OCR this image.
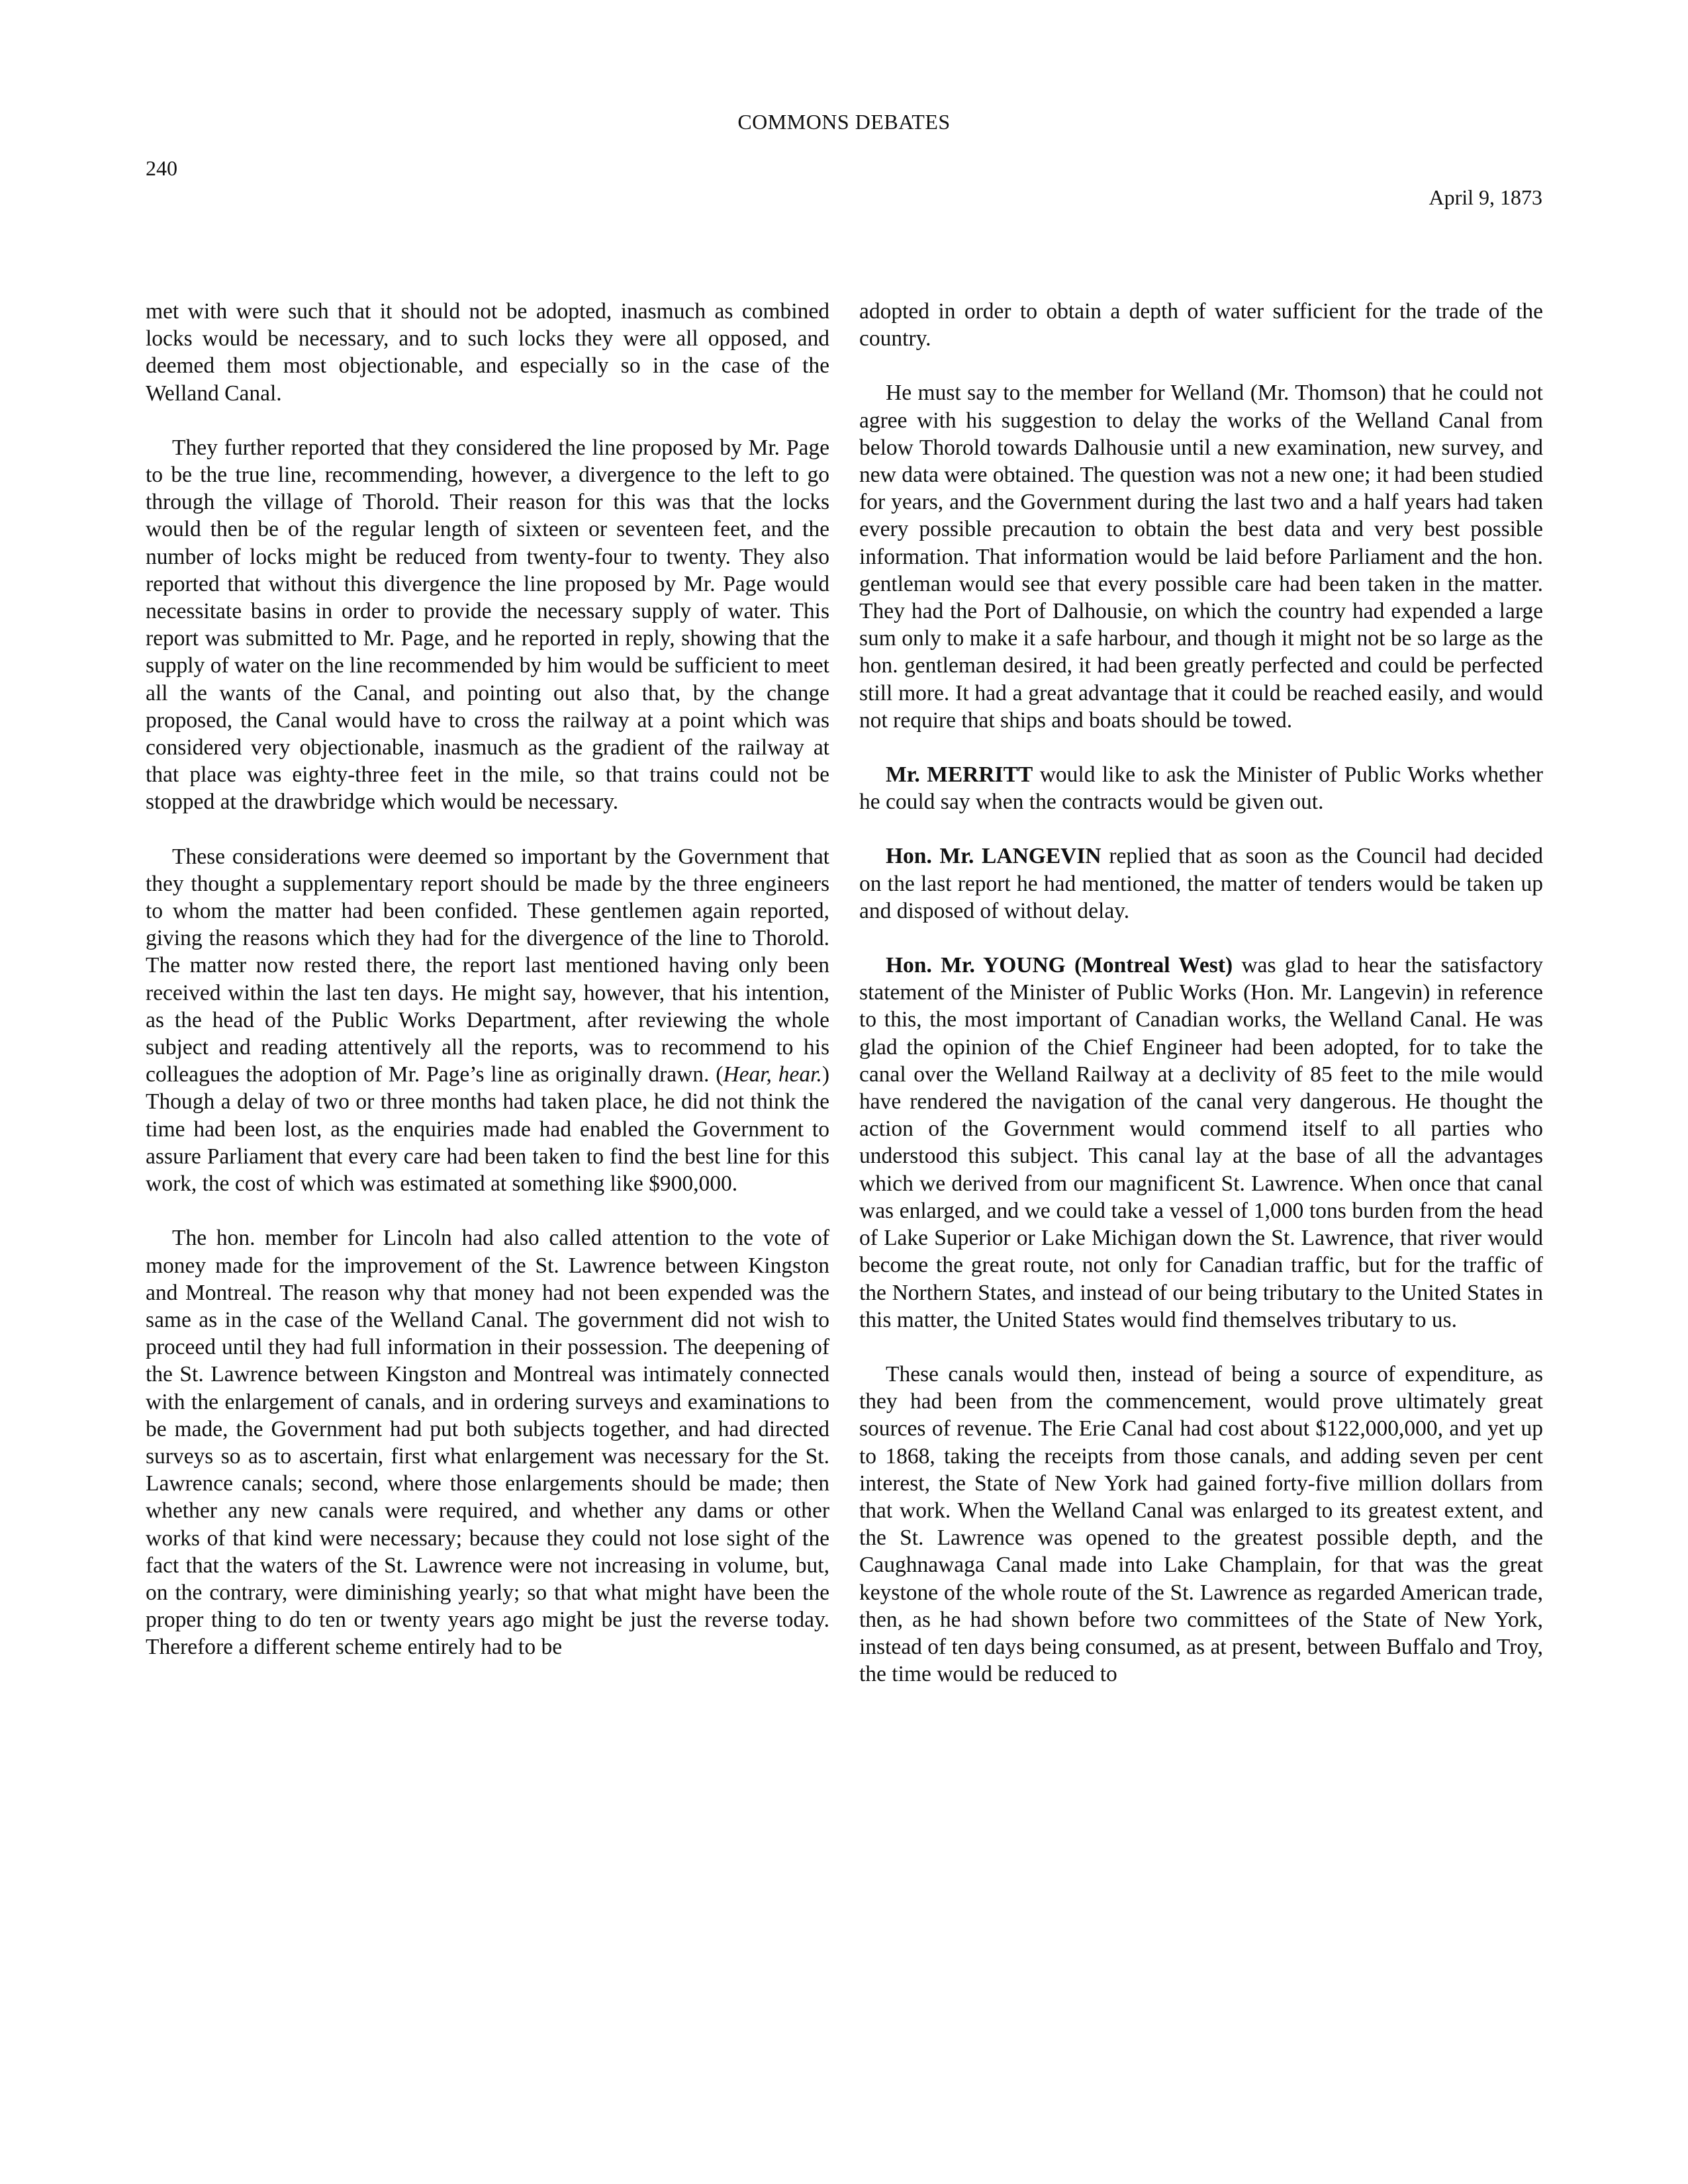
COMMONS DEBATES
240
April 9, 1873

met with were such that it should not be adopted, inasmuch as combined locks would be necessary, and to such locks they were all opposed, and deemed them most objectionable, and especially so in the case of the Welland Canal.

They further reported that they considered the line proposed by Mr. Page to be the true line, recommending, however, a divergence to the left to go through the village of Thorold. Their reason for this was that the locks would then be of the regular length of sixteen or seventeen feet, and the number of locks might be reduced from twenty-four to twenty. They also reported that without this divergence the line proposed by Mr. Page would necessitate basins in order to provide the necessary supply of water. This report was submitted to Mr. Page, and he reported in reply, showing that the supply of water on the line recommended by him would be sufficient to meet all the wants of the Canal, and pointing out also that, by the change proposed, the Canal would have to cross the railway at a point which was considered very objectionable, inasmuch as the gradient of the railway at that place was eighty-three feet in the mile, so that trains could not be stopped at the drawbridge which would be necessary.

These considerations were deemed so important by the Government that they thought a supplementary report should be made by the three engineers to whom the matter had been confided. These gentlemen again reported, giving the reasons which they had for the divergence of the line to Thorold. The matter now rested there, the report last mentioned having only been received within the last ten days. He might say, however, that his intention, as the head of the Public Works Department, after reviewing the whole subject and reading attentively all the reports, was to recommend to his colleagues the adoption of Mr. Page’s line as originally drawn. (Hear, hear.) Though a delay of two or three months had taken place, he did not think the time had been lost, as the enquiries made had enabled the Government to assure Parliament that every care had been taken to find the best line for this work, the cost of which was estimated at something like $900,000.

The hon. member for Lincoln had also called attention to the vote of money made for the improvement of the St. Lawrence between Kingston and Montreal. The reason why that money had not been expended was the same as in the case of the Welland Canal. The government did not wish to proceed until they had full information in their possession. The deepening of the St. Lawrence between Kingston and Montreal was intimately connected with the enlargement of canals, and in ordering surveys and examinations to be made, the Government had put both subjects together, and had directed surveys so as to ascertain, first what enlargement was necessary for the St. Lawrence canals; second, where those enlargements should be made; then whether any new canals were required, and whether any dams or other works of that kind were necessary; because they could not lose sight of the fact that the waters of the St. Lawrence were not increasing in volume, but, on the contrary, were diminishing yearly; so that what might have been the proper thing to do ten or twenty years ago might be just the reverse today. Therefore a different scheme entirely had to be

adopted in order to obtain a depth of water sufficient for the trade of the country.

He must say to the member for Welland (Mr. Thomson) that he could not agree with his suggestion to delay the works of the Welland Canal from below Thorold towards Dalhousie until a new examination, new survey, and new data were obtained. The question was not a new one; it had been studied for years, and the Government during the last two and a half years had taken every possible precaution to obtain the best data and very best possible information. That information would be laid before Parliament and the hon. gentleman would see that every possible care had been taken in the matter. They had the Port of Dalhousie, on which the country had expended a large sum only to make it a safe harbour, and though it might not be so large as the hon. gentleman desired, it had been greatly perfected and could be perfected still more. It had a great advantage that it could be reached easily, and would not require that ships and boats should be towed.

Mr. MERRITT would like to ask the Minister of Public Works whether he could say when the contracts would be given out.

Hon. Mr. LANGEVIN replied that as soon as the Council had decided on the last report he had mentioned, the matter of tenders would be taken up and disposed of without delay.

Hon. Mr. YOUNG (Montreal West) was glad to hear the satisfactory statement of the Minister of Public Works (Hon. Mr. Langevin) in reference to this, the most important of Canadian works, the Welland Canal. He was glad the opinion of the Chief Engineer had been adopted, for to take the canal over the Welland Railway at a declivity of 85 feet to the mile would have rendered the navigation of the canal very dangerous. He thought the action of the Government would commend itself to all parties who understood this subject. This canal lay at the base of all the advantages which we derived from our magnificent St. Lawrence. When once that canal was enlarged, and we could take a vessel of 1,000 tons burden from the head of Lake Superior or Lake Michigan down the St. Lawrence, that river would become the great route, not only for Canadian traffic, but for the traffic of the Northern States, and instead of our being tributary to the United States in this matter, the United States would find themselves tributary to us.

These canals would then, instead of being a source of expenditure, as they had been from the commencement, would prove ultimately great sources of revenue. The Erie Canal had cost about $122,000,000, and yet up to 1868, taking the receipts from those canals, and adding seven per cent interest, the State of New York had gained forty-five million dollars from that work. When the Welland Canal was enlarged to its greatest extent, and the St. Lawrence was opened to the greatest possible depth, and the Caughnawaga Canal made into Lake Champlain, for that was the great keystone of the whole route of the St. Lawrence as regarded American trade, then, as he had shown before two committees of the State of New York, instead of ten days being consumed, as at present, between Buffalo and Troy, the time would be reduced to
